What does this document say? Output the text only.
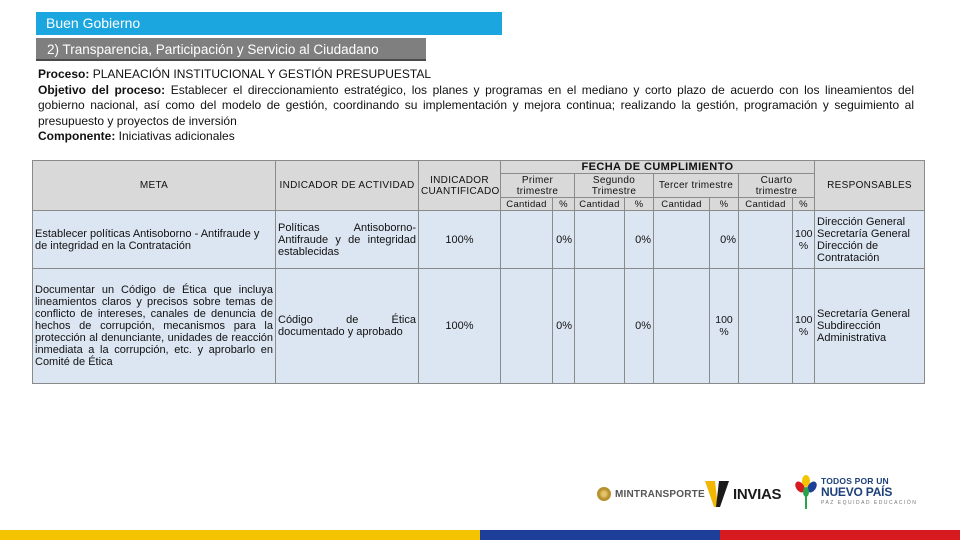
Buen Gobierno
2) Transparencia, Participación y Servicio al Ciudadano

Proceso: PLANEACIÓN INSTITUCIONAL Y GESTIÓN PRESUPUESTAL

Objetivo del proceso: Establecer el direccionamiento estratégico, los planes y programas en el mediano y corto plazo de acuerdo con los lineamientos del gobierno nacional, así como del modelo de gestión, coordinando su implementación y mejora continua; realizando la gestión, programación y seguimiento al presupuesto y proyectos de inversión

Componente: Iniciativas adicionales

META	INDICADOR DE ACTIVIDAD	INDICADOR CUANTIFICADO	FECHA DE CUMPLIMIENTO								RESPONSABLES
			Primer trimestre		Segundo Trimestre		Tercer trimestre		Cuarto trimestre		
			Cantidad	%	Cantidad	%	Cantidad	%	Cantidad	%	
Establecer políticas Antisoborno - Antifraude y de integridad en la Contratación	Políticas Antisoborno-Antifraude y de integridad establecidas	100%		0%		0%		0%		100 %	Dirección General Secretaría General Dirección de Contratación
Documentar un Código de Ética que incluya lineamientos claros y precisos sobre temas de conflicto de intereses, canales de denuncia de hechos de corrupción, mecanismos para la protección al denunciante, unidades de reacción inmediata a la corrupción, etc. y aprobarlo en Comité de Ética	Código de Ética documentado y aprobado	100%		0%		0%		100 %		100 %	Secretaría General Subdirección Administrativa
MINTRANSPORTE INVIAS
TODOS POR UN
NUEVO PAÍS
PAZ EQUIDAD EDUCACIÓN
